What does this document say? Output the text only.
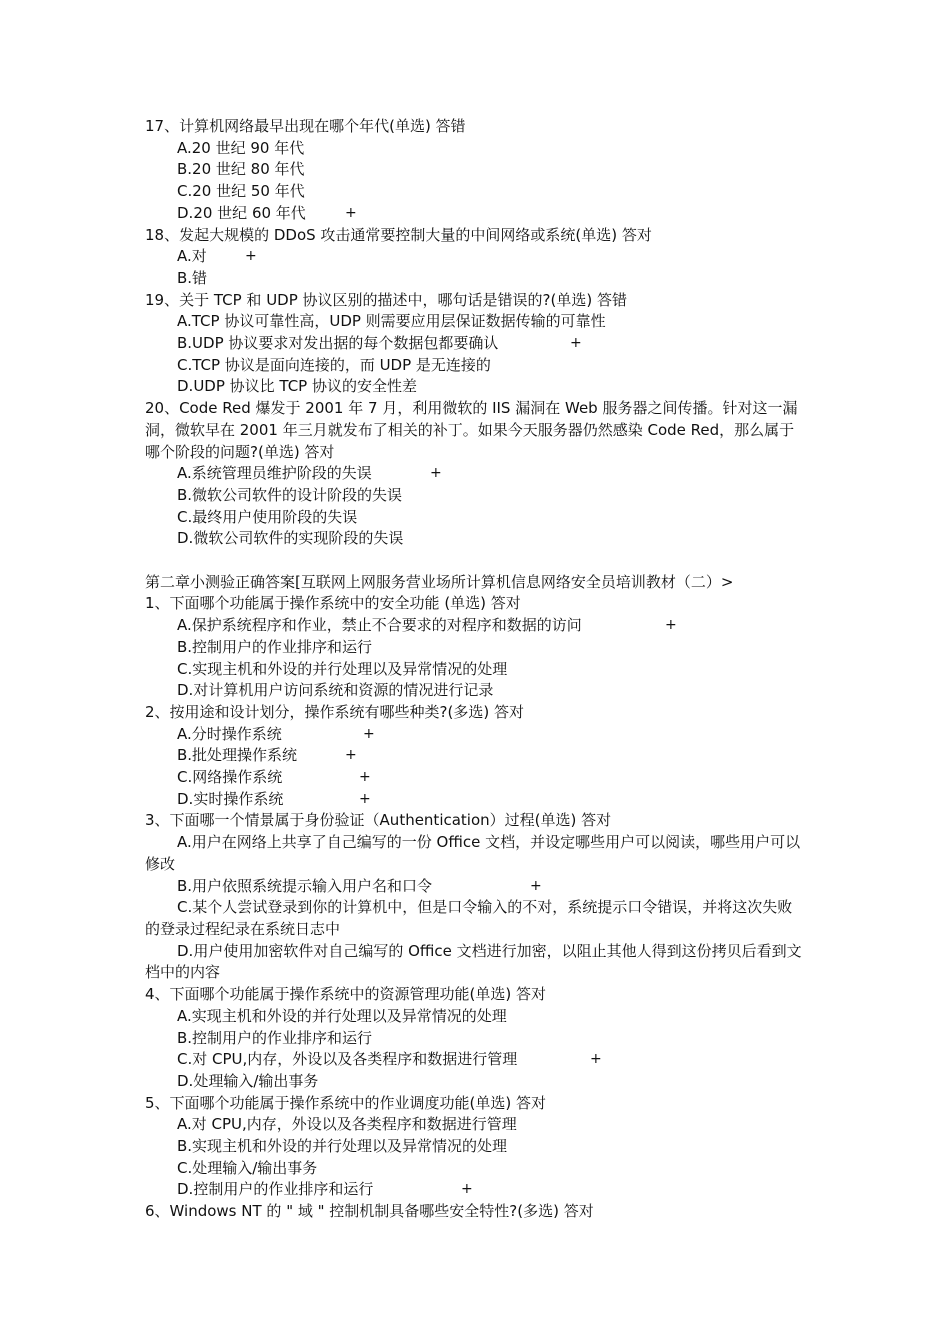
17、计算机网络最早出现在哪个年代(单选) 答错
A.20 世纪 90 年代
B.20 世纪 80 年代
C.20 世纪 50 年代
D.20 世纪 60 年代	+
18、发起大规模的 DDoS 攻击通常要控制大量的中间网络或系统(单选) 答对
A.对	+
B.错
19、关于 TCP 和 UDP 协议区别的描述中，哪句话是错误的?(单选) 答错
A.TCP 协议可靠性高，UDP 则需要应用层保证数据传输的可靠性
B.UDP 协议要求对发出据的每个数据包都要确认	+
C.TCP 协议是面向连接的，而 UDP 是无连接的
D.UDP 协议比 TCP 协议的安全性差
20、Code Red 爆发于 2001 年 7 月，利用微软的 IIS 漏洞在 Web 服务器之间传播。针对这一漏洞，微软早在 2001 年三月就发布了相关的补丁。如果今天服务器仍然感染 Code Red，那么属于哪个阶段的问题?(单选) 答对
A.系统管理员维护阶段的失误	+
B.微软公司软件的设计阶段的失误
C.最终用户使用阶段的失误
D.微软公司软件的实现阶段的失误
第二章小测验正确答案[互联网上网服务营业场所计算机信息网络安全员培训教材（二）>
1、下面哪个功能属于操作系统中的安全功能 (单选) 答对
A.保护系统程序和作业，禁止不合要求的对程序和数据的访问	+
B.控制用户的作业排序和运行
C.实现主机和外设的并行处理以及异常情况的处理
D.对计算机用户访问系统和资源的情况进行记录
2、按用途和设计划分，操作系统有哪些种类?(多选) 答对
A.分时操作系统	+
B.批处理操作系统	+
C.网络操作系统	+
D.实时操作系统	+
3、下面哪一个情景属于身份验证（Authentication）过程(单选) 答对
A.用户在网络上共享了自己编写的一份 Office 文档，并设定哪些用户可以阅读，哪些用户可以修改
B.用户依照系统提示输入用户名和口令	+
C.某个人尝试登录到你的计算机中，但是口令输入的不对，系统提示口令错误，并将这次失败的登录过程纪录在系统日志中
D.用户使用加密软件对自己编写的 Office 文档进行加密，以阻止其他人得到这份拷贝后看到文档中的内容
4、下面哪个功能属于操作系统中的资源管理功能(单选) 答对
A.实现主机和外设的并行处理以及异常情况的处理
B.控制用户的作业排序和运行
C.对 CPU,内存，外设以及各类程序和数据进行管理	+
D.处理输入/输出事务
5、下面哪个功能属于操作系统中的作业调度功能(单选) 答对
A.对 CPU,内存，外设以及各类程序和数据进行管理
B.实现主机和外设的并行处理以及异常情况的处理
C.处理输入/输出事务
D.控制用户的作业排序和运行	+
6、Windows NT 的 " 域 " 控制机制具备哪些安全特性?(多选) 答对
